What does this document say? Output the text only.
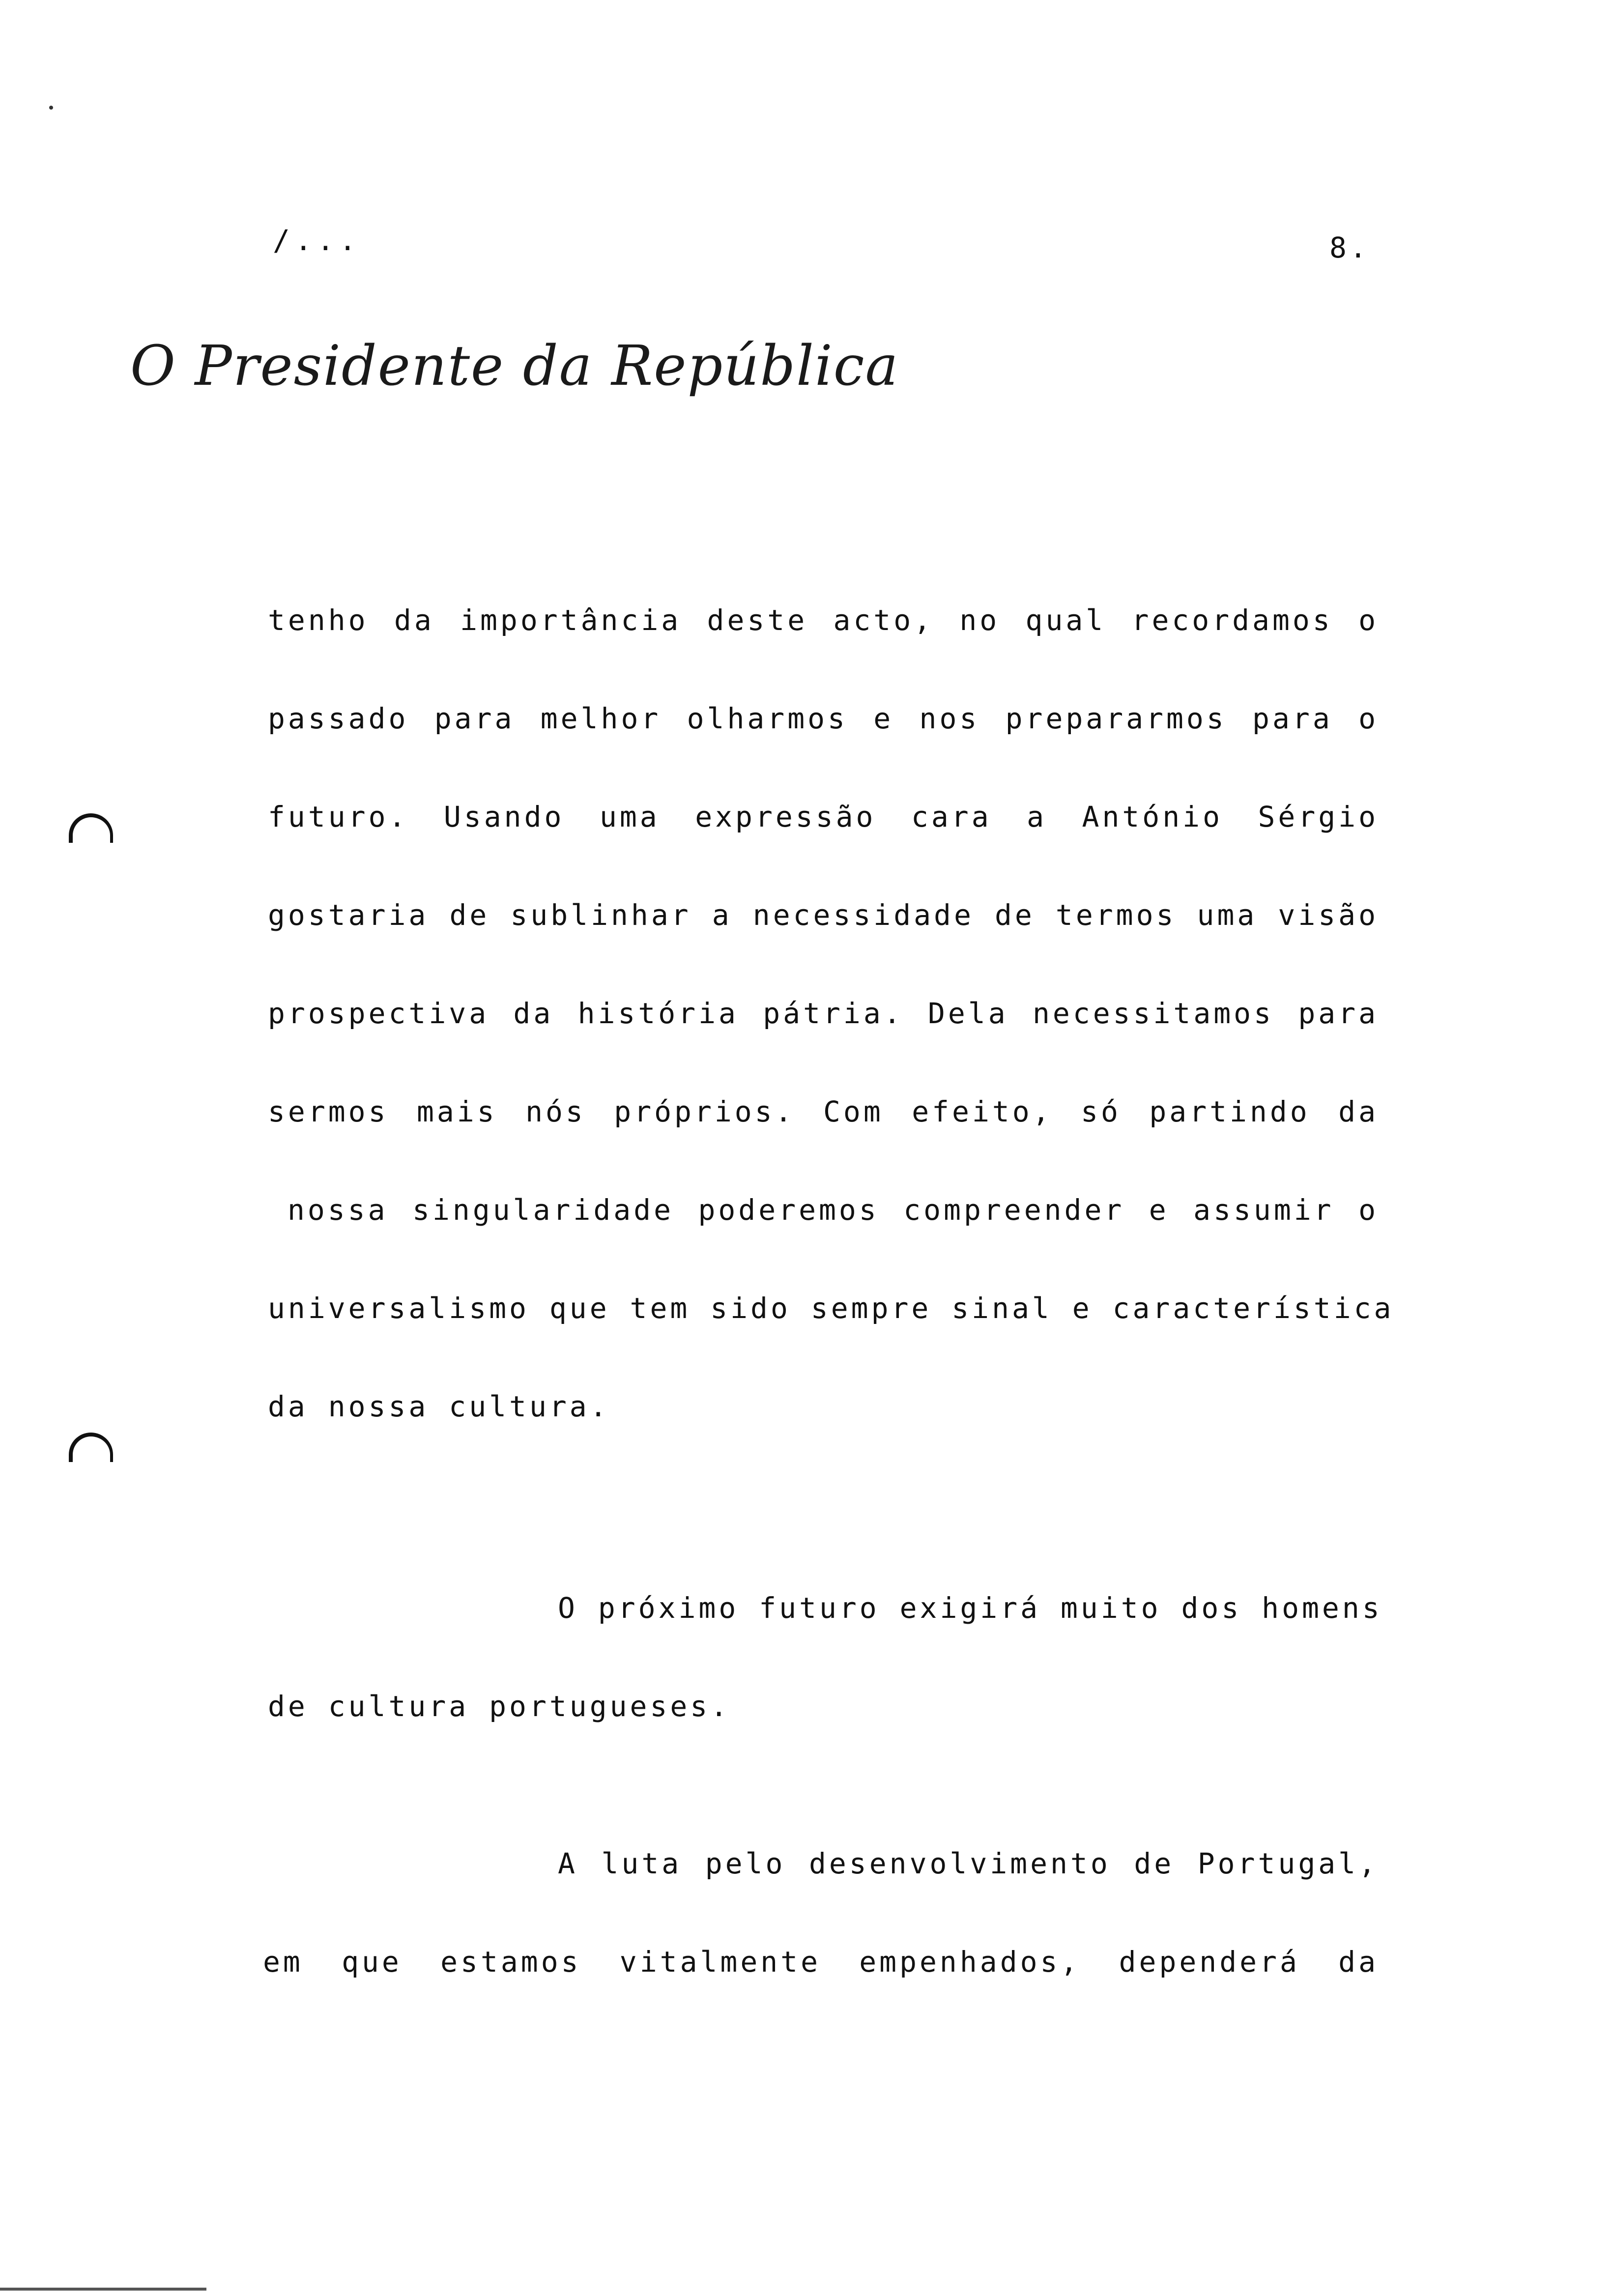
/...	8.
O Presidente da República
tenho da importância deste acto, no qual recordamos o
passado para melhor olharmos e nos prepararmos para o
futuro. Usando uma expressão cara a António Sérgio
gostaria de sublinhar a necessidade de termos uma visão
prospectiva da história pátria. Dela necessitamos para
sermos mais nós próprios. Com efeito, só partindo da
nossa singularidade poderemos compreender e assumir o
universalismo que tem sido sempre sinal e característica
da nossa cultura.
O próximo futuro exigirá muito dos homens
de cultura portugueses.
A luta pelo desenvolvimento de Portugal,
em que estamos vitalmente empenhados, dependerá da
